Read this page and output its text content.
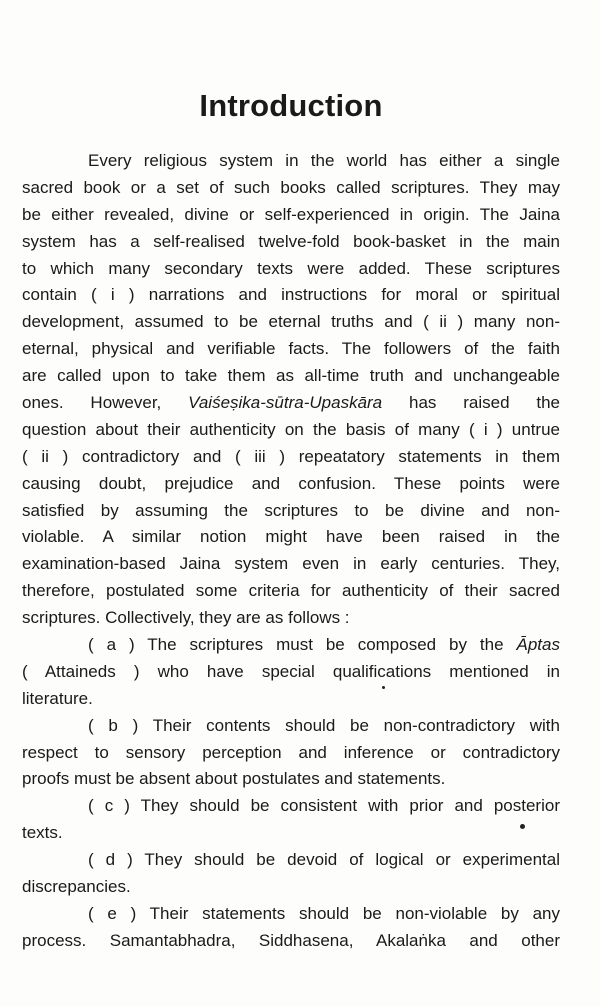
Introduction
Every religious system in the world has either a single
sacred book or a set of such books called scriptures. They may
be either revealed, divine or self-experienced in origin. The Jaina
system has a self-realised twelve-fold book-basket in the main
to which many secondary texts were added. These scriptures
contain ( i ) narrations and instructions for moral or spiritual
development, assumed to be eternal truths and ( ii ) many non-
eternal, physical and verifiable facts. The followers of the faith
are called upon to take them as all-time truth and unchangeable
ones. However, Vaiśeṣika-sūtra-Upaskāra has raised the
question about their authenticity on the basis of many ( i ) untrue
( ii ) contradictory and ( iii ) repeatatory statements in them
causing doubt, prejudice and confusion. These points were
satisfied by assuming the scriptures to be divine and non-
violable. A similar notion might have been raised in the
examination-based Jaina system even in early centuries. They,
therefore, postulated some criteria for authenticity of their sacred
scriptures. Collectively, they are as follows :
( a ) The scriptures must be composed by the Āptas
( Attaineds ) who have special qualifications mentioned in
literature.
( b ) Their contents should be non-contradictory with
respect to sensory perception and inference or contradictory
proofs must be absent about postulates and statements.
( c ) They should be consistent with prior and posterior
texts.
( d ) They should be devoid of logical or experimental
discrepancies.
( e ) Their statements should be non-violable by any
process. Samantabhadra, Siddhasena, Akalaṅka and other
